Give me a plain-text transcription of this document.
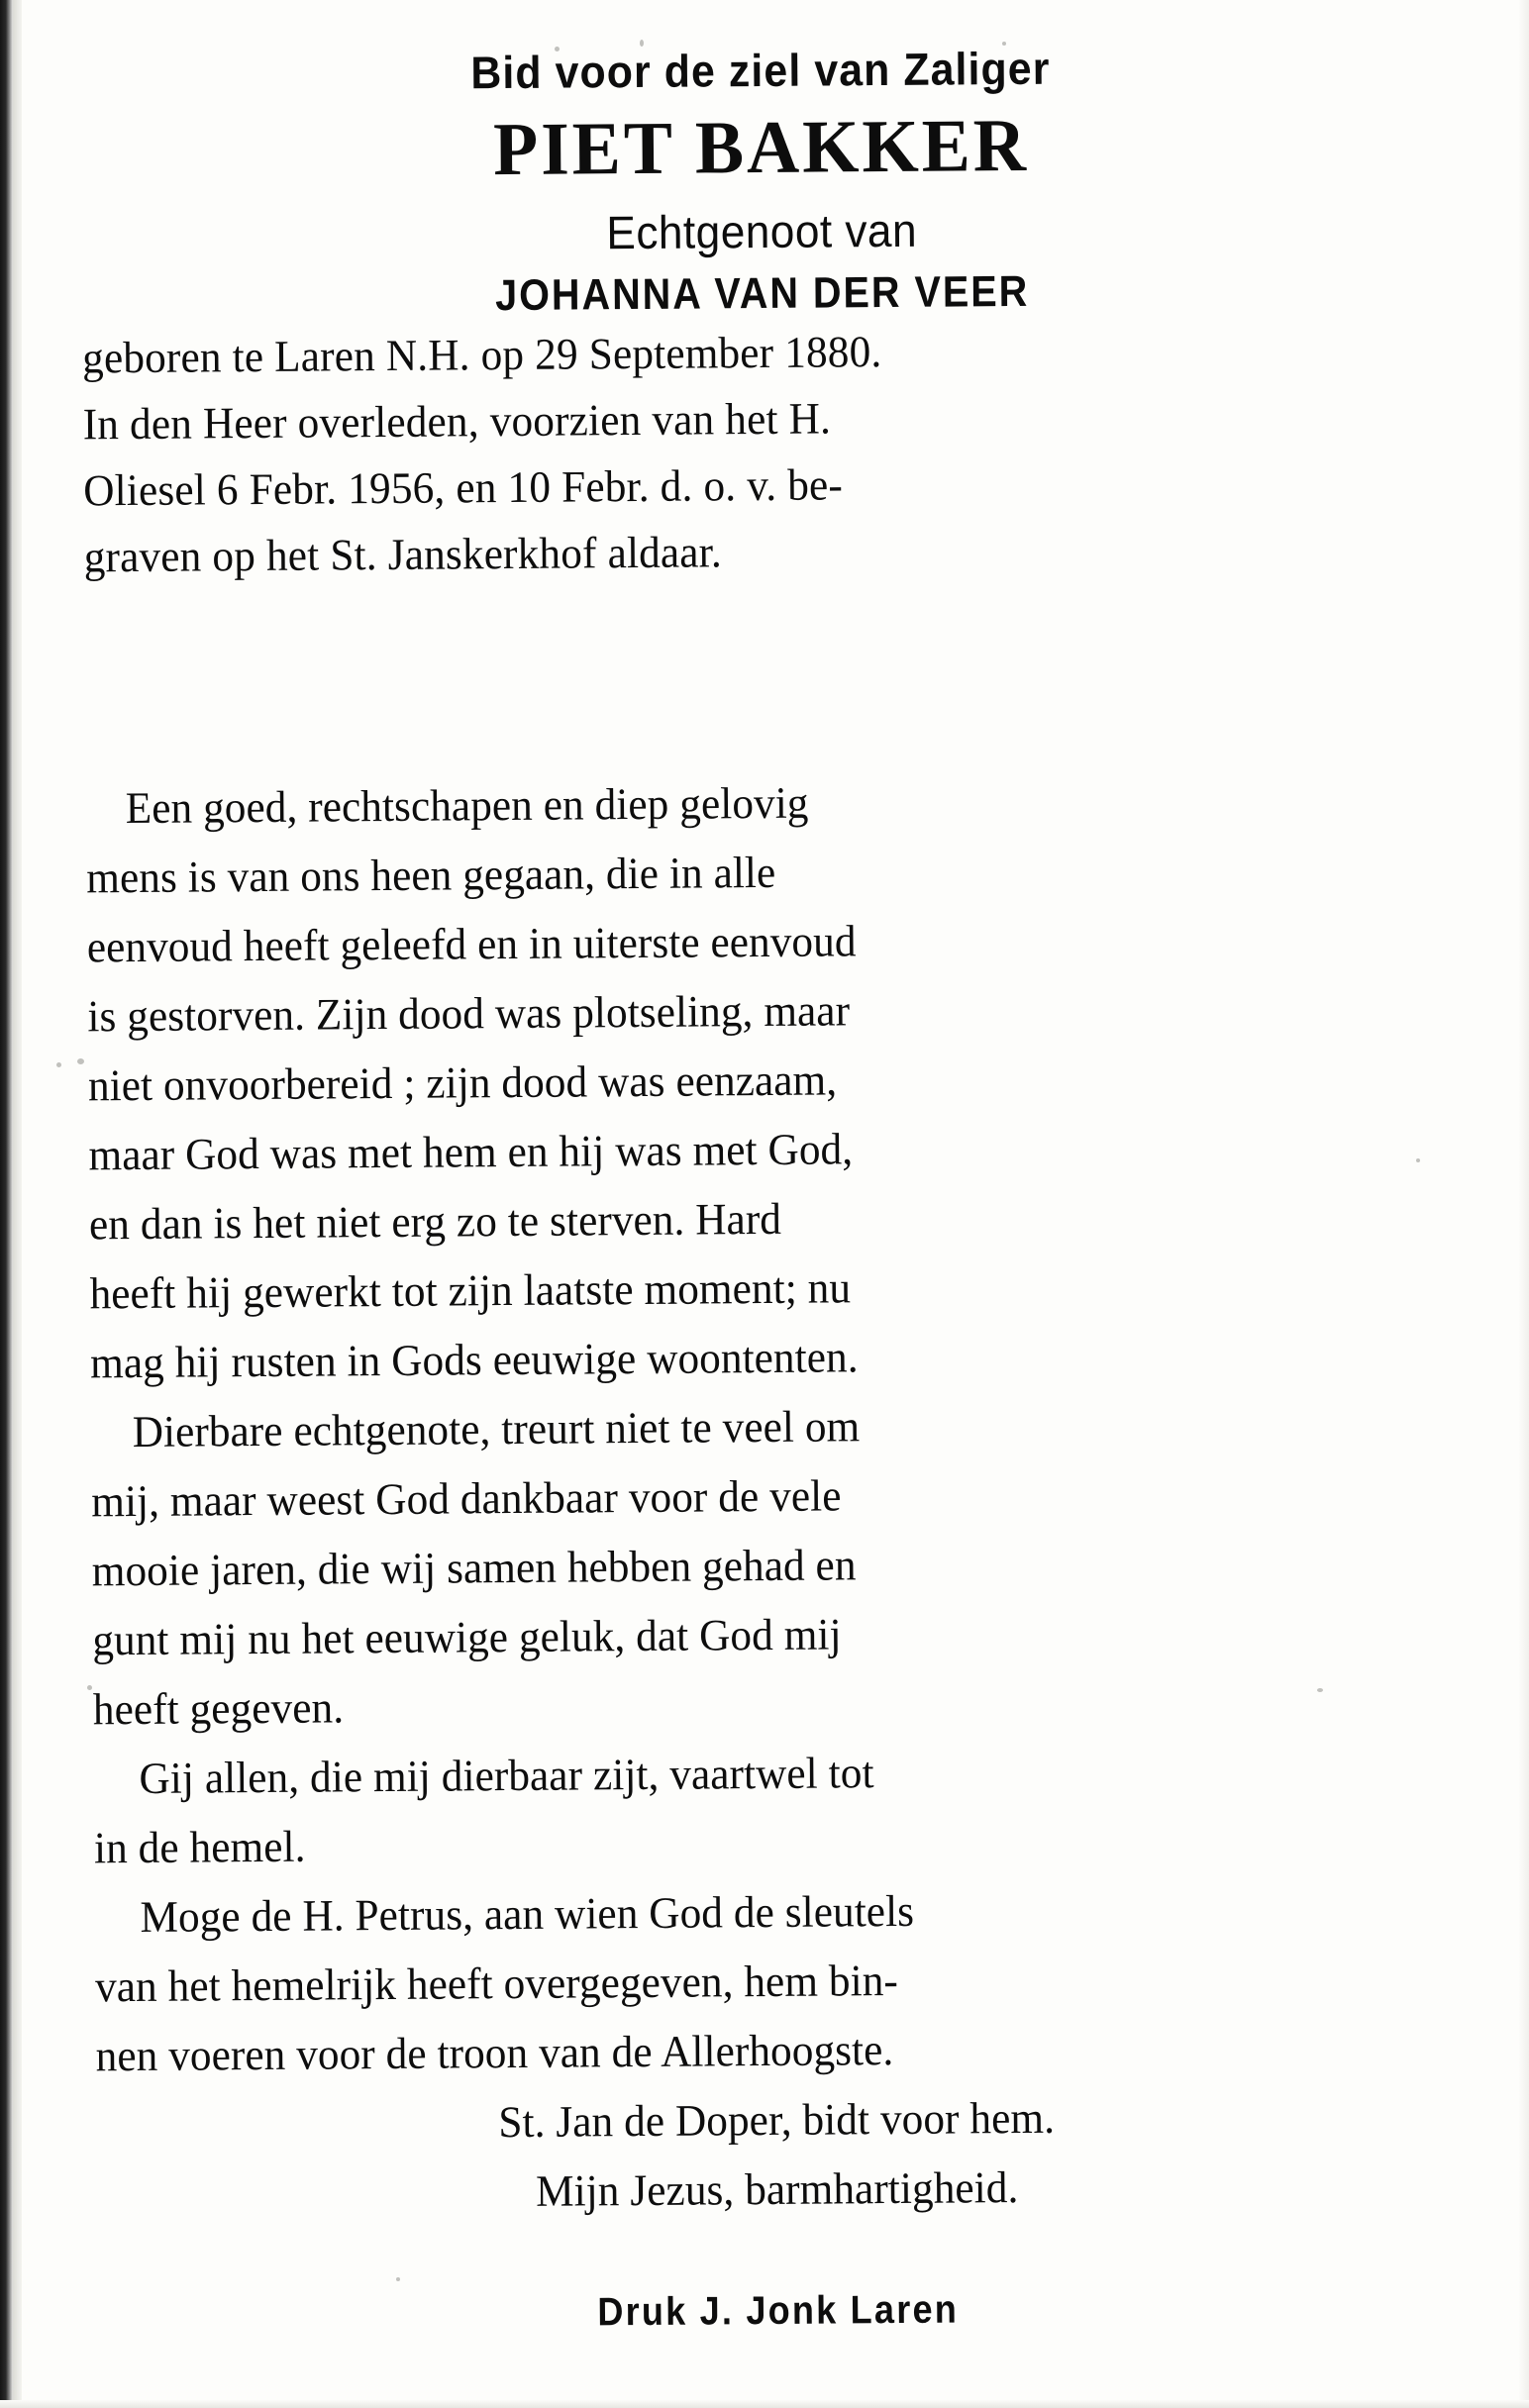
Bid voor de ziel van Zaliger
PIET BAKKER
Echtgenoot van
JOHANNA VAN DER VEER
geboren te Laren N.H. op 29 September 1880.
In den Heer overleden, voorzien van het H.
Oliesel 6 Febr. 1956, en 10 Febr. d. o. v. be-
graven op het St. Janskerkhof aldaar.
Een goed, rechtschapen en diep gelovig
mens is van ons heen gegaan, die in alle
eenvoud heeft geleefd en in uiterste eenvoud
is gestorven. Zijn dood was plotseling, maar
niet onvoorbereid ; zijn dood was eenzaam,
maar God was met hem en hij was met God,
en dan is het niet erg zo te sterven. Hard
heeft hij gewerkt tot zijn laatste moment; nu
mag hij rusten in Gods eeuwige woontenten.
Dierbare echtgenote, treurt niet te veel om
mij, maar weest God dankbaar voor de vele
mooie jaren, die wij samen hebben gehad en
gunt mij nu het eeuwige geluk, dat God mij
heeft gegeven.
Gij allen, die mij dierbaar zijt, vaartwel tot
in de hemel.
Moge de H. Petrus, aan wien God de sleutels
van het hemelrijk heeft overgegeven, hem bin-
nen voeren voor de troon van de Allerhoogste.
St. Jan de Doper, bidt voor hem.
Mijn Jezus, barmhartigheid.
Druk J. Jonk Laren
